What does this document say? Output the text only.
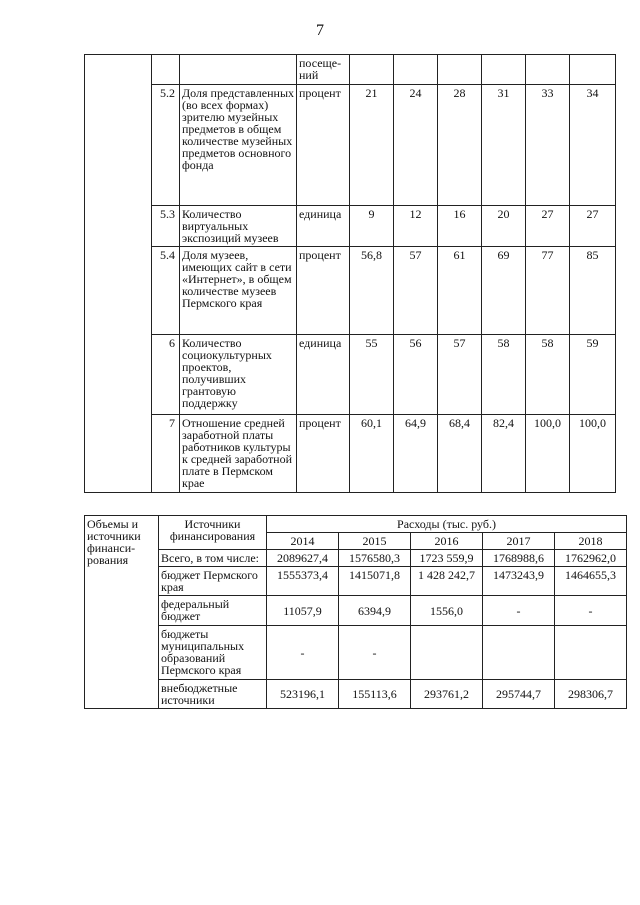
7
			посеще-
ний						
	5.2	Доля представленных (во всех формах) зрителю музейных предметов в общем количестве музейных предметов основного фонда	процент	21	24	28	31	33	34
	5.3	Количество виртуальных экспозиций музеев	единица	9	12	16	20	27	27
	5.4	Доля музеев, имеющих сайт в сети «Интернет», в общем количестве музеев Пермского края	процент	56,8	57	61	69	77	85
	6	Количество социокультурных проектов, получивших грантовую поддержку	единица	55	56	57	58	58	59
	7	Отношение средней заработной платы работников культуры к средней заработной плате в Пермском крае	процент	60,1	64,9	68,4	82,4	100,0	100,0
Объемы и источники финанси-рования	Источники финансирования	Расходы (тыс. руб.)				
		2014	2015	2016	2017	2018
	Всего, в том числе:	2089627,4	1576580,3	1723 559,9	1768988,6	1762962,0
	бюджет Пермского края	1555373,4	1415071,8	1 428 242,7	1473243,9	1464655,3
	федеральный бюджет	11057,9	6394,9	1556,0	-	-
	бюджеты муниципальных образований Пермского края	-	-			
	внебюджетные источники	523196,1	155113,6	293761,2	295744,7	298306,7
